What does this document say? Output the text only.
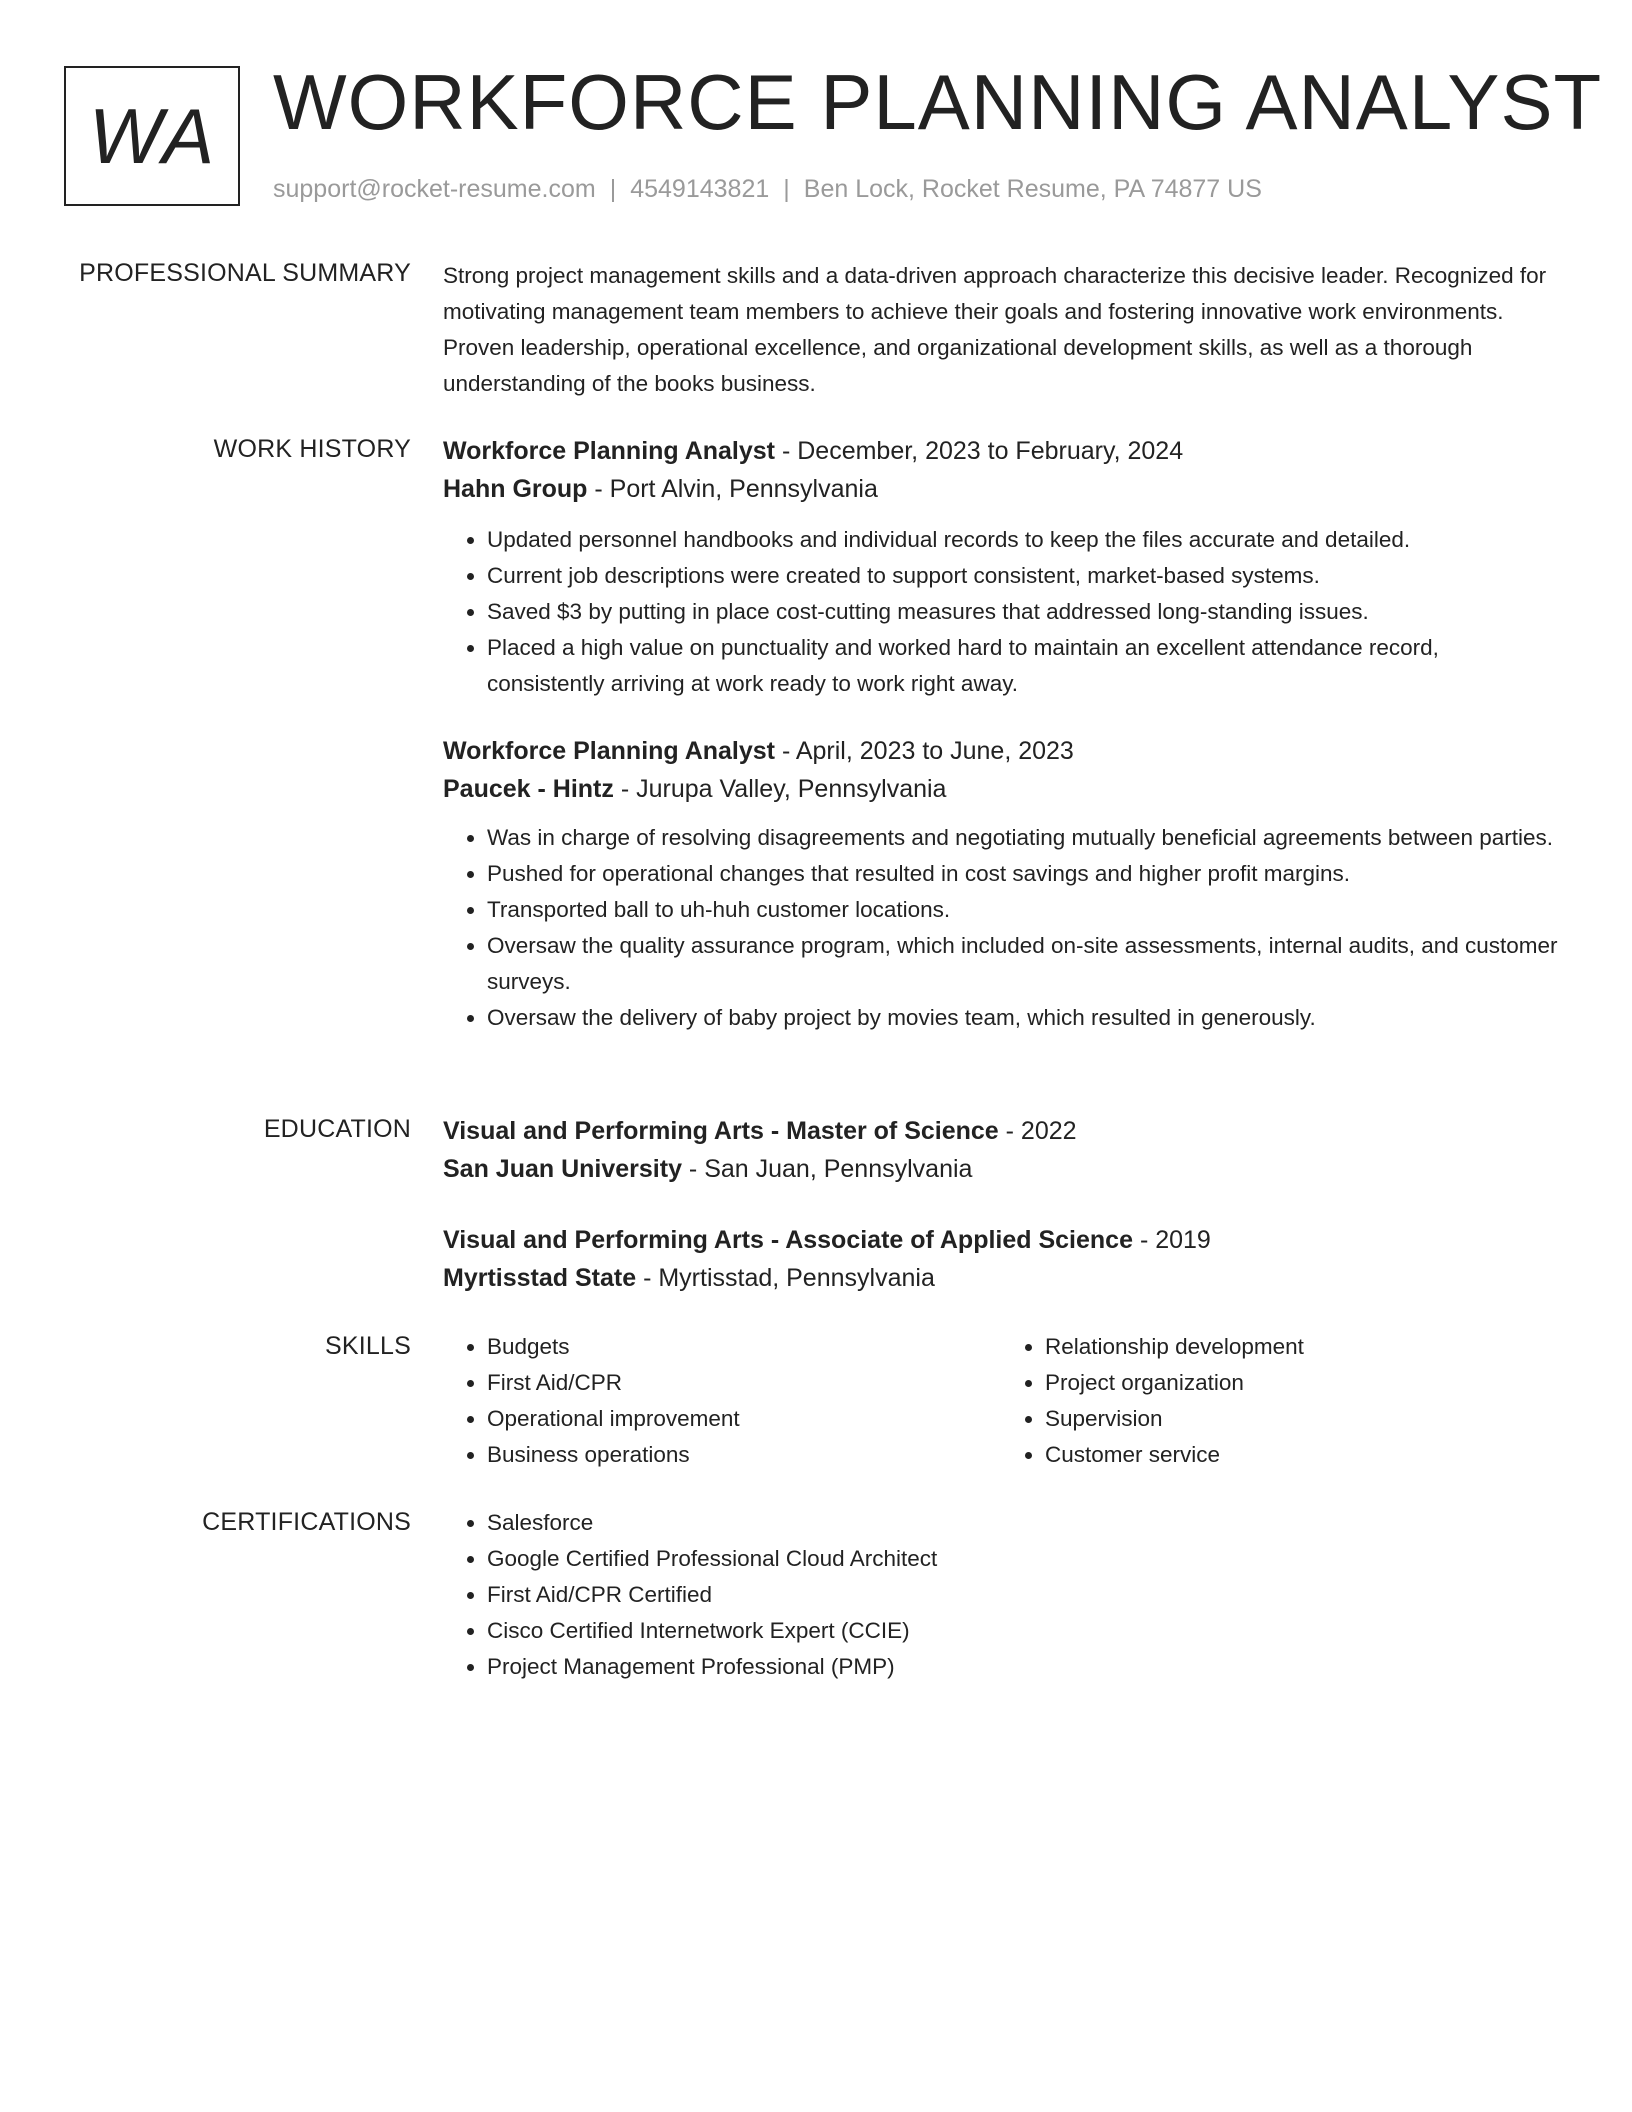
WA WORKFORCE PLANNING ANALYST
support@rocket-resume.com | 4549143821 | Ben Lock, Rocket Resume, PA 74877 US
PROFESSIONAL SUMMARY Strong project management skills and a data-driven approach characterize this decisive leader. Recognized for motivating management team members to achieve their goals and fostering innovative work environments. Proven leadership, operational excellence, and organizational development skills, as well as a thorough understanding of the books business.

WORK HISTORY Workforce Planning Analyst - December, 2023 to February, 2024
Hahn Group - Port Alvin, Pennsylvania
• Updated personnel handbooks and individual records to keep the files accurate and detailed.
• Current job descriptions were created to support consistent, market-based systems.
• Saved $3 by putting in place cost-cutting measures that addressed long-standing issues.
• Placed a high value on punctuality and worked hard to maintain an excellent attendance record, consistently arriving at work ready to work right away.
Workforce Planning Analyst - April, 2023 to June, 2023
Paucek - Hintz - Jurupa Valley, Pennsylvania
• Was in charge of resolving disagreements and negotiating mutually beneficial agreements between parties.
• Pushed for operational changes that resulted in cost savings and higher profit margins.
• Transported ball to uh-huh customer locations.
• Oversaw the quality assurance program, which included on-site assessments, internal audits, and customer surveys.
• Oversaw the delivery of baby project by movies team, which resulted in generously.
EDUCATION Visual and Performing Arts - Master of Science - 2022
San Juan University - San Juan, Pennsylvania
Visual and Performing Arts - Associate of Applied Science - 2019
Myrtisstad State - Myrtisstad, Pennsylvania
SKILLS	• Budgets
• First Aid/CPR
• Operational improvement
• Business operations
• Relationship development
• Project organization
• Supervision
• Customer service
CERTIFICATIONS	• Salesforce
• Google Certified Professional Cloud Architect
• First Aid/CPR Certified
• Cisco Certified Internetwork Expert (CCIE)
• Project Management Professional (PMP)
